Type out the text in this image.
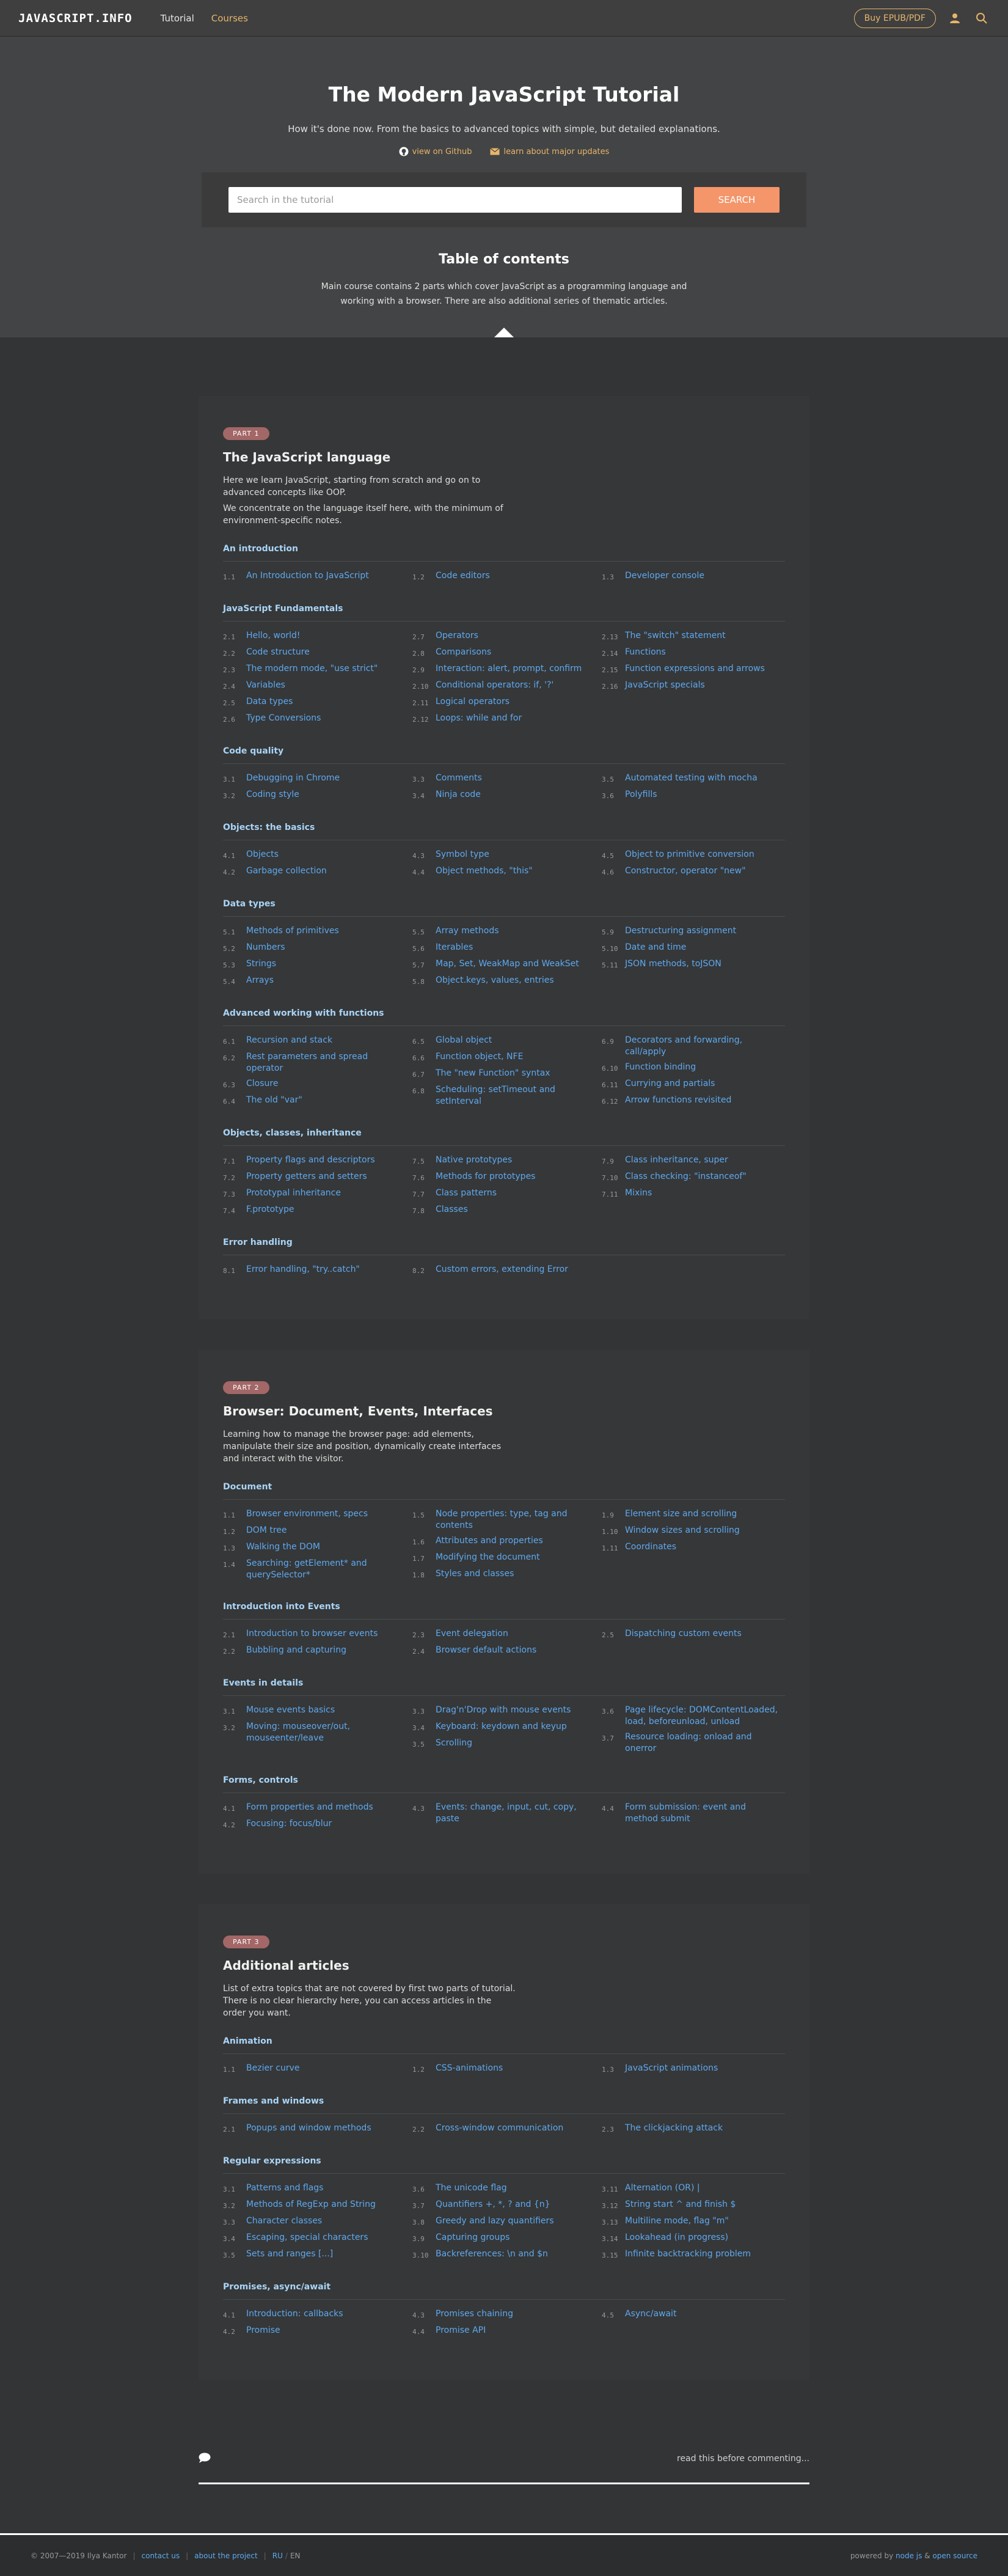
JAVASCRIPT.INFO	Tutorial Courses	Buy EPUB/PDF
The Modern JavaScript Tutorial

How it's done now. From the basics to advanced topics with simple, but detailed explanations.

view on Github	learn about major updates
Search in the tutorial
SEARCH
Table of contents

Main course contains 2 parts which cover JavaScript as a programming language and working with a browser. There are also additional series of thematic articles.

PART 1
The JavaScript language

Here we learn JavaScript, starting from scratch and go on to advanced concepts like OOP.

We concentrate on the language itself here, with the minimum of environment-specific notes.

An introduction
1.1	An Introduction to JavaScript	1.2	Code editors	1.3	Developer console
JavaScript Fundamentals
2.1	Hello, world!
2.2	Code structure
2.3	The modern mode, "use strict"
2.4	Variables
2.5	Data types
2.6	Type Conversions
2.7	Operators
2.8	Comparisons
2.9	Interaction: alert, prompt, confirm
2.10 Conditional operators: if, '?'
2.11 Logical operators
2.12 Loops: while and for
2.13 The "switch" statement
2.14 Functions
2.15 Function expressions and arrows
2.16 JavaScript specials
Code quality
3.1	Debugging in Chrome
3.2	Coding style
3.3	Comments
3.4	Ninja code
3.5	Automated testing with mocha
3.6	Polyfills
Objects: the basics
4.1	Objects
4.2	Garbage collection
4.3	Symbol type
4.4	Object methods, "this"
4.5	Object to primitive conversion
4.6	Constructor, operator "new"
Data types
5.1	Methods of primitives
5.2	Numbers
5.3	Strings
5.4	Arrays
5.5	Array methods
5.6	Iterables
5.7	Map, Set, WeakMap and WeakSet
5.8	Object.keys, values, entries
5.9	Destructuring assignment
5.10 Date and time
5.11 JSON methods, toJSON
Advanced working with functions
6.1	Recursion and stack
6.2	Rest parameters and spread operator
6.3	Closure
6.4	The old "var"
6.5	Global object
6.6	Function object, NFE
6.7	The "new Function" syntax
6.8	Scheduling: setTimeout and setInterval
6.9	Decorators and forwarding, call/apply
6.10 Function binding
6.11 Currying and partials
6.12 Arrow functions revisited
Objects, classes, inheritance
7.1	Property flags and descriptors
7.2	Property getters and setters
7.3	Prototypal inheritance
7.4	F.prototype
7.5	Native prototypes
7.6	Methods for prototypes
7.7	Class patterns
7.8	Classes
7.9	Class inheritance, super
7.10 Class checking: "instanceof"
7.11 Mixins
Error handling
8.1	Error handling, "try..catch"	8.2	Custom errors, extending Error
PART 2
Browser: Document, Events, Interfaces

Learning how to manage the browser page: add elements, manipulate their size and position, dynamically create interfaces and interact with the visitor.

Document
1.1	Browser environment, specs
1.2	DOM tree
1.3	Walking the DOM
1.4	Searching: getElement* and querySelector*
1.5	Node properties: type, tag and contents
1.6	Attributes and properties
1.7	Modifying the document
1.8	Styles and classes
1.9	Element size and scrolling
1.10 Window sizes and scrolling
1.11 Coordinates
Introduction into Events
2.1	Introduction to browser events
2.2	Bubbling and capturing
2.3	Event delegation
2.4	Browser default actions
2.5	Dispatching custom events
Events in details
3.1	Mouse events basics
3.2	Moving: mouseover/out, mouseenter/leave
3.3	Drag'n'Drop with mouse events
3.4	Keyboard: keydown and keyup
3.5	Scrolling
3.6	Page lifecycle: DOMContentLoaded, load, beforeunload, unload
3.7	Resource loading: onload and onerror
Forms, controls
4.1	Form properties and methods
4.2	Focusing: focus/blur
4.3	Events: change, input, cut, copy, paste
4.4	Form submission: event and method submit
PART 3
Additional articles

List of extra topics that are not covered by first two parts of tutorial. There is no clear hierarchy here, you can access articles in the order you want.

Animation
1.1	Bezier curve	1.2	CSS-animations	1.3	JavaScript animations
Frames and windows
2.1	Popups and window methods	2.2	Cross-window communication	2.3	The clickjacking attack
Regular expressions
3.1	Patterns and flags
3.2	Methods of RegExp and String
3.3	Character classes
3.4	Escaping, special characters
3.5	Sets and ranges [...]
3.6	The unicode flag
3.7	Quantifiers +, *, ? and {n}
3.8	Greedy and lazy quantifiers
3.9	Capturing groups
3.10 Backreferences: \n and $n
3.11 Alternation (OR) |
3.12 String start ^ and finish $
3.13 Multiline mode, flag "m"
3.14 Lookahead (in progress)
3.15 Infinite backtracking problem
Promises, async/await
4.1	Introduction: callbacks
4.2	Promise
4.3	Promises chaining
4.4	Promise API
4.5	Async/await
read this before commenting...
© 2007—2019 Ilya Kantor | contact us | about the project | RU / EN	powered by
node js
&
open source
